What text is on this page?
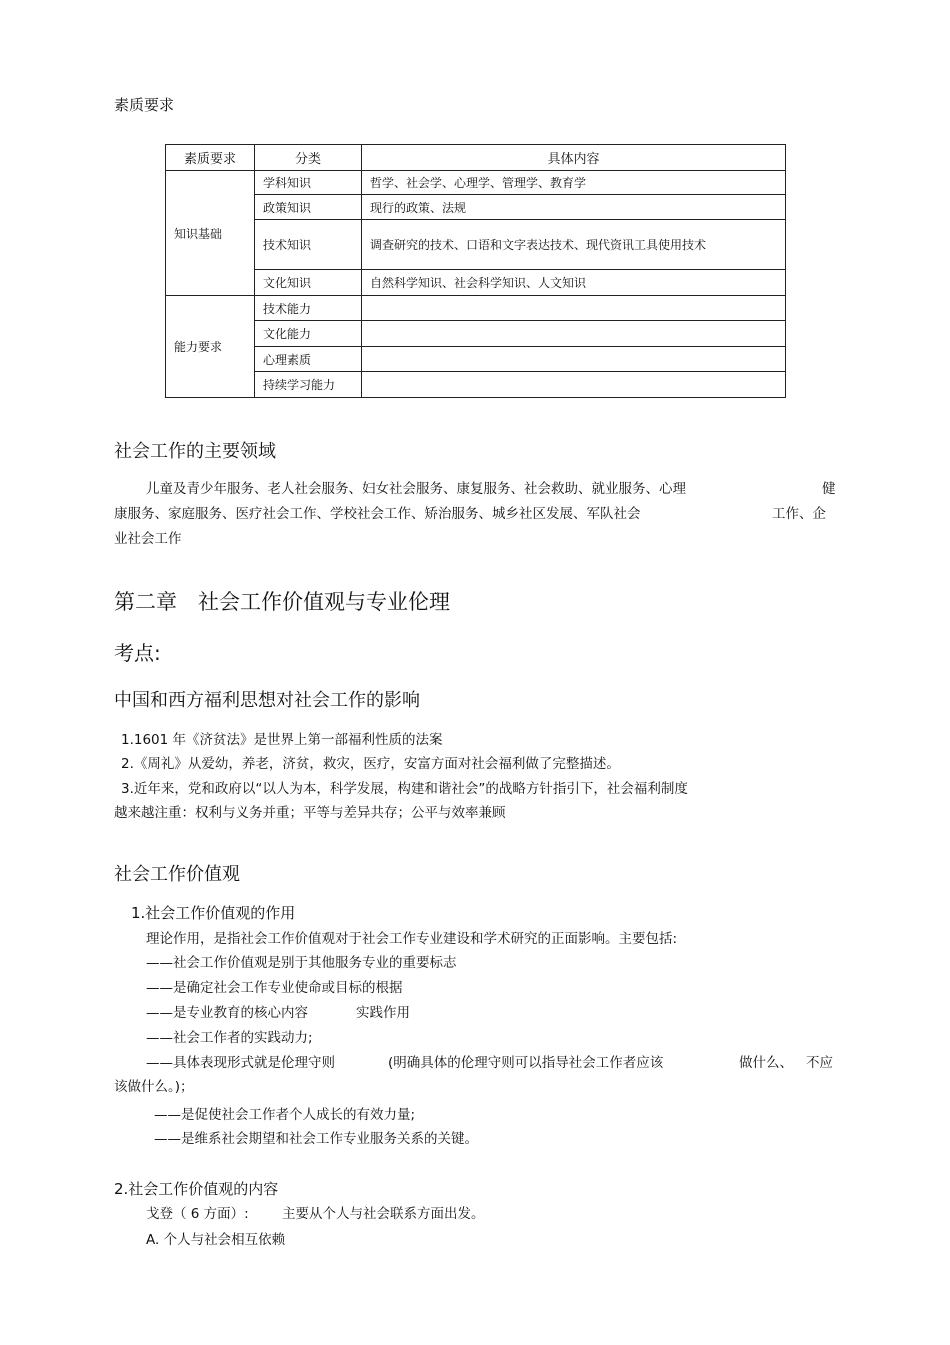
素质要求
素质要求	分类	具体内容
知识基础	学科知识	哲学、社会学、心理学、管理学、教育学
	政策知识	现行的政策、法规
	技术知识	调查研究的技术、口语和文字表达技术、现代资讯工具使用技术
	文化知识	自然科学知识、社会科学知识、人文知识
能力要求	技术能力	
	文化能力	
	心理素质	
	持续学习能力	
社会工作的主要领域
儿童及青少年服务、老人社会服务、妇女社会服务、康复服务、社会救助、就业服务、心理	健
康服务、家庭服务、医疗社会工作、学校社会工作、矫治服务、城乡社区发展、军队社会	工作、企
业社会工作
第二章　社会工作价值观与专业伦理
考点:
中国和西方福利思想对社会工作的影响
1.1601 年《济贫法》是世界上第一部福利性质的法案
2.《周礼》从爱幼，养老，济贫，救灾，医疗，安富方面对社会福利做了完整描述。
3.近年来，党和政府以“以人为本，科学发展，构建和谐社会”的战略方针指引下，社会福利制度
越来越注重：权利与义务并重；平等与差异共存；公平与效率兼顾
社会工作价值观
1.社会工作价值观的作用
理论作用，是指社会工作价值观对于社会工作专业建设和学术研究的正面影响。主要包括:
——社会工作价值观是别于其他服务专业的重要标志
——是确定社会工作专业使命或目标的根据
——是专业教育的核心内容	实践作用
——社会工作者的实践动力;
——具体表现形式就是伦理守则	(明确具体的伦理守则可以指导社会工作者应该	做什么、 不应
该做什么。)；
——是促使社会工作者个人成长的有效力量;
——是维系社会期望和社会工作专业服务关系的关键。
2.社会工作价值观的内容
戈登（ 6 方面）: 主要从个人与社会联系方面出发。
A. 个人与社会相互依赖
